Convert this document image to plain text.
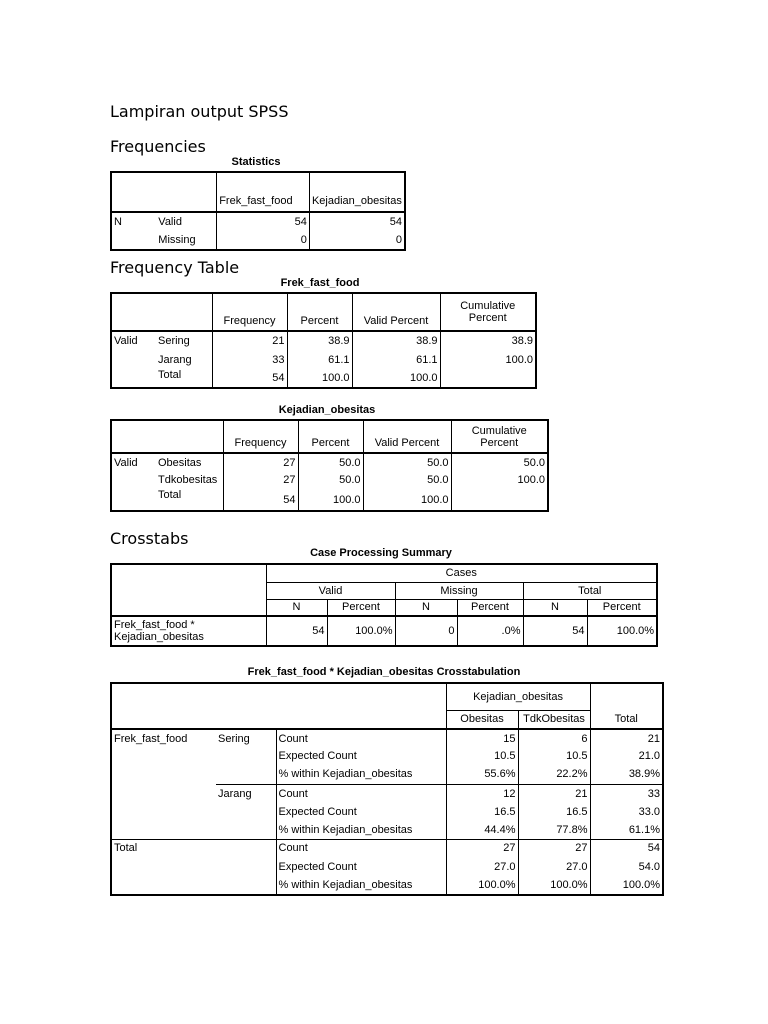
Lampiran output SPSS
Frequencies
Statistics
		Frek_fast_food	Kejadian_obesitas
N	Valid	54	54
	Missing	0	0
Frequency Table
Frek_fast_food
		Frequency	Percent	Valid Percent	Cumulative Percent
Valid	Sering	21	38.9	38.9	38.9
	Jarang	33	61.1	61.1	100.0
	Total	54	100.0	100.0	
Kejadian_obesitas
		Frequency	Percent	Valid Percent	Cumulative Percent
Valid	Obesitas	27	50.0	50.0	50.0
	Tdkobesitas	27	50.0	50.0	100.0
	Total	54	100.0	100.0	
Crosstabs
Case Processing Summary
	Cases					
	Valid		Missing		Total	
	N	Percent	N	Percent	N	Percent
Frek_fast_food * Kejadian_obesitas	54	100.0%	0	.0%	54	100.0%
Frek_fast_food * Kejadian_obesitas Crosstabulation
			Kejadian_obesitas		Total
			Obesitas	TdkObesitas	
Frek_fast_food	Sering	Count	15	6	21
		Expected Count	10.5	10.5	21.0
		% within Kejadian_obesitas	55.6%	22.2%	38.9%
	Jarang	Count	12	21	33
		Expected Count	16.5	16.5	33.0
		% within Kejadian_obesitas	44.4%	77.8%	61.1%
Total		Count	27	27	54
		Expected Count	27.0	27.0	54.0
		% within Kejadian_obesitas	100.0%	100.0%	100.0%
